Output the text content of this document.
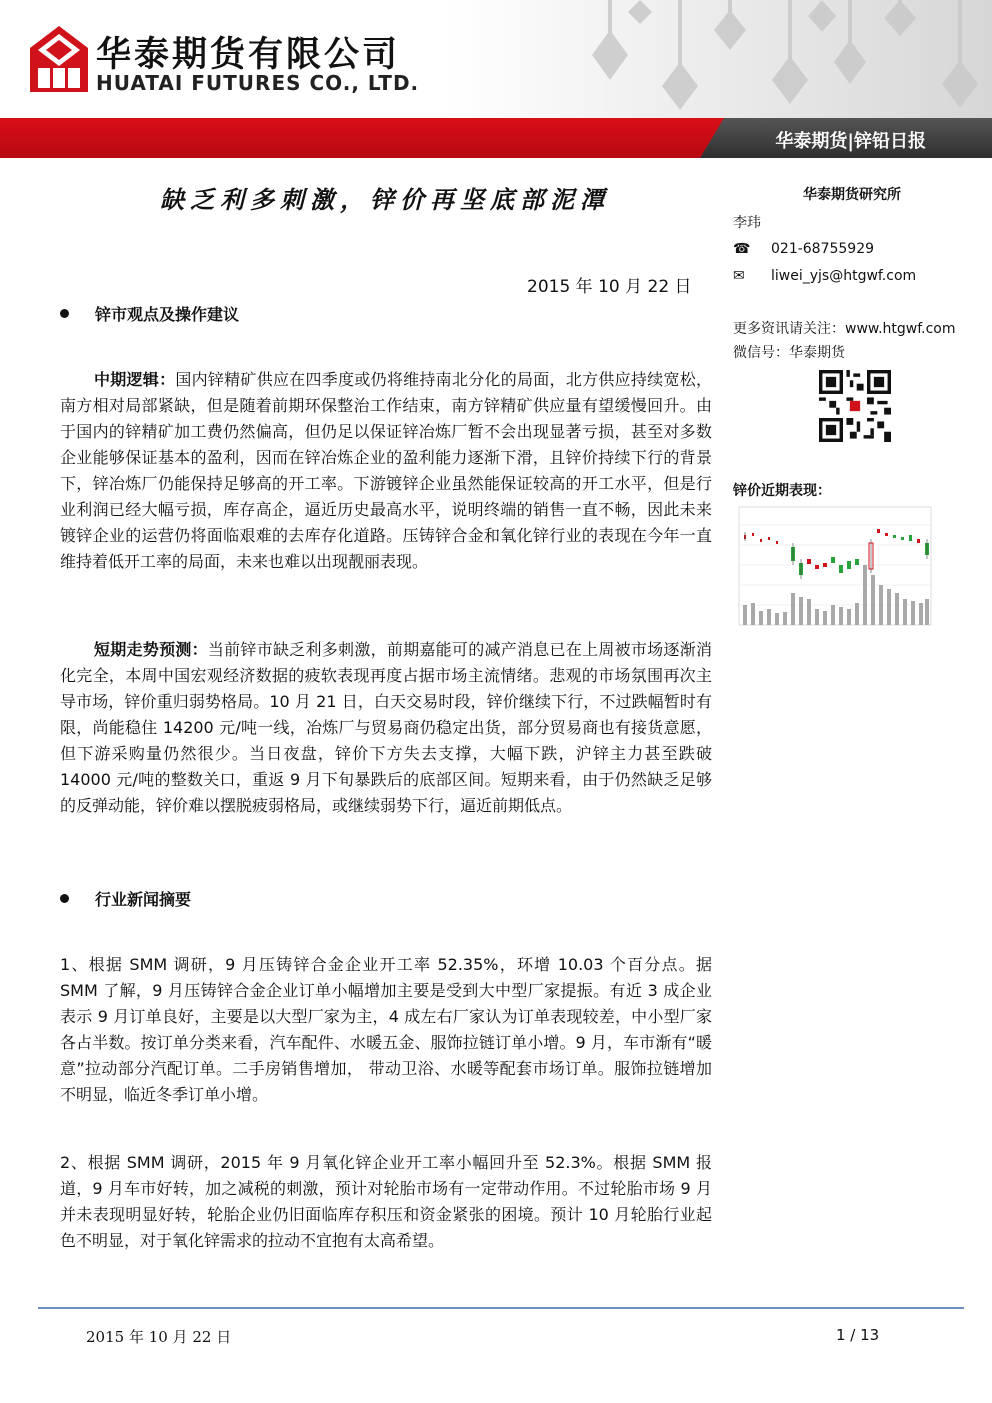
华泰期货有限公司
HUATAI FUTURES CO., LTD.
华泰期货|锌铅日报
缺乏利多刺激，锌价再坚底部泥潭
2015 年 10 月 22 日
锌市观点及操作建议

中期逻辑：国内锌精矿供应在四季度或仍将维持南北分化的局面，北方供应持续宽松，南方相对局部紧缺，但是随着前期环保整治工作结束，南方锌精矿供应量有望缓慢回升。由于国内的锌精矿加工费仍然偏高，但仍足以保证锌冶炼厂暂不会出现显著亏损，甚至对多数企业能够保证基本的盈利，因而在锌冶炼企业的盈利能力逐渐下滑，且锌价持续下行的背景下，锌冶炼厂仍能保持足够高的开工率。下游镀锌企业虽然能保证较高的开工水平，但是行业利润已经大幅亏损，库存高企，逼近历史最高水平，说明终端的销售一直不畅，因此未来镀锌企业的运营仍将面临艰难的去库存化道路。压铸锌合金和氧化锌行业的表现在今年一直维持着低开工率的局面，未来也难以出现靓丽表现。

短期走势预测：当前锌市缺乏利多刺激，前期嘉能可的减产消息已在上周被市场逐渐消化完全，本周中国宏观经济数据的疲软表现再度占据市场主流情绪。悲观的市场氛围再次主导市场，锌价重归弱势格局。10 月 21 日，白天交易时段，锌价继续下行，不过跌幅暂时有限，尚能稳住 14200 元/吨一线，冶炼厂与贸易商仍稳定出货，部分贸易商也有接货意愿，但下游采购量仍然很少。当日夜盘，锌价下方失去支撑，大幅下跌，沪锌主力甚至跌破 14000 元/吨的整数关口，重返 9 月下旬暴跌后的底部区间。短期来看，由于仍然缺乏足够的反弹动能，锌价难以摆脱疲弱格局，或继续弱势下行，逼近前期低点。

行业新闻摘要

1、根据 SMM 调研，9 月压铸锌合金企业开工率 52.35%，环增 10.03 个百分点。据 SMM 了解，9 月压铸锌合金企业订单小幅增加主要是受到大中型厂家提振。有近 3 成企业表示 9 月订单良好，主要是以大型厂家为主，4 成左右厂家认为订单表现较差，中小型厂家各占半数。按订单分类来看，汽车配件、水暖五金、服饰拉链订单小增。9 月，车市渐有“暖意”拉动部分汽配订单。二手房销售增加， 带动卫浴、水暖等配套市场订单。服饰拉链增加不明显，临近冬季订单小增。

2、根据 SMM 调研，2015 年 9 月氧化锌企业开工率小幅回升至 52.3%。根据 SMM 报道，9 月车市好转，加之减税的刺激，预计对轮胎市场有一定带动作用。不过轮胎市场 9 月并未表现明显好转，轮胎企业仍旧面临库存积压和资金紧张的困境。预计 10 月轮胎行业起色不明显，对于氧化锌需求的拉动不宜抱有太高希望。

华泰期货研究所
李玮
☎ 021-68755929
✉ liwei_yjs@htgwf.com
更多资讯请关注：www.htgwf.com
微信号：华泰期货
锌价近期表现：
2015 年 10 月 22 日	1 / 13
